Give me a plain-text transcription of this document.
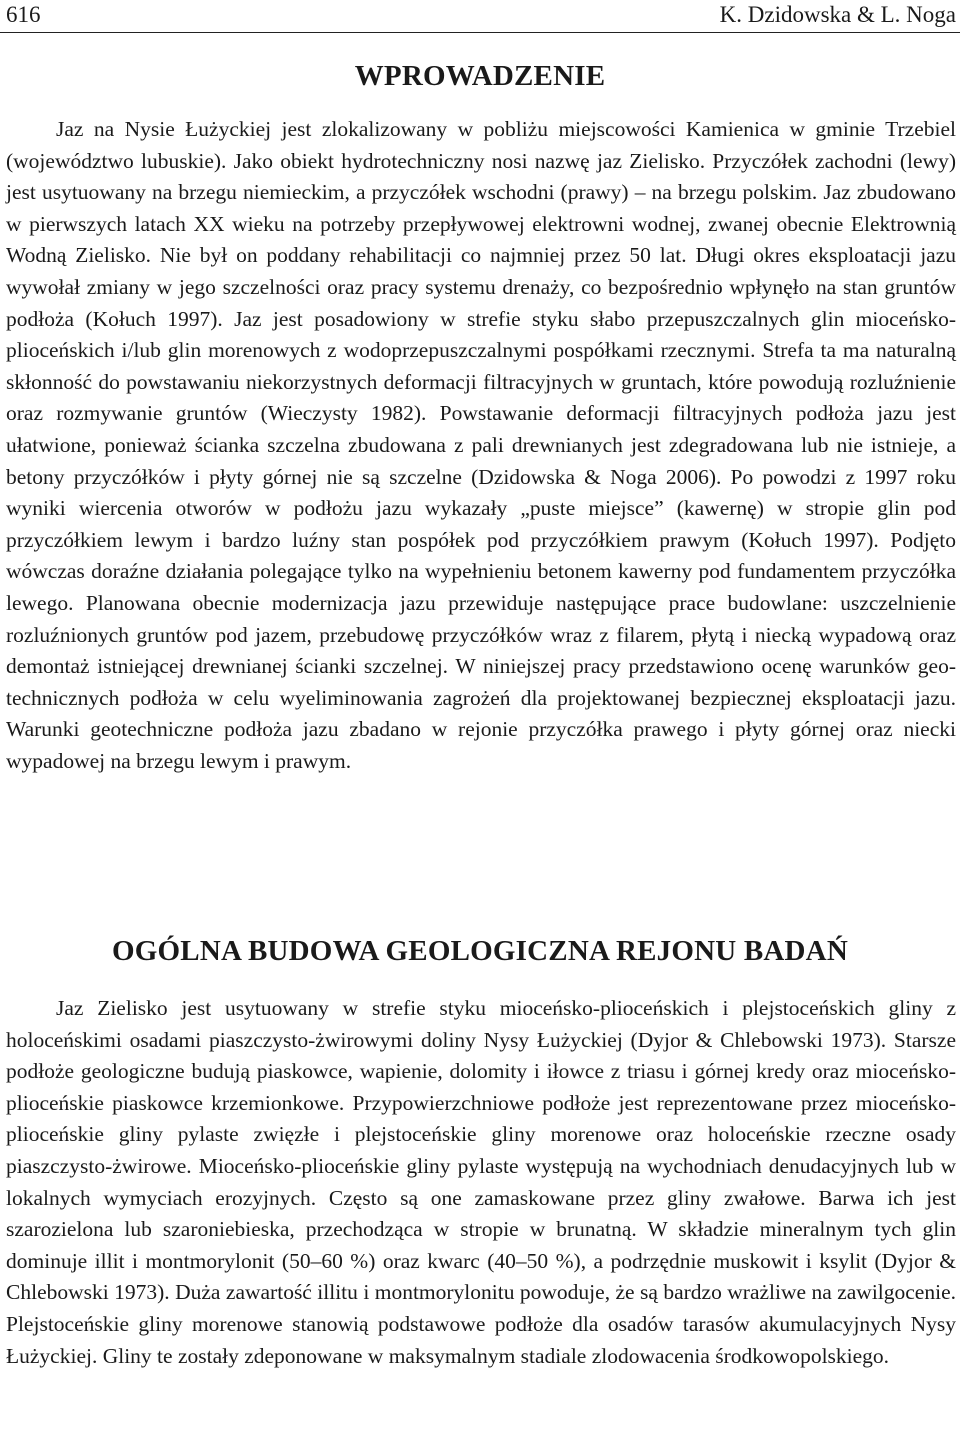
616	K. Dzidowska & L. Noga
WPROWADZENIE

Jaz na Nysie Łużyckiej jest zlokalizowany w pobliżu miejscowości Kamienica w gminie Trzebiel (województwo lubuskie). Jako obiekt hydrotechniczny nosi nazwę jaz Zielisko. Przyczółek zachodni (lewy) jest usytuowany na brzegu niemieckim, a przyczółek wschodni (prawy) – na brzegu polskim. Jaz zbudowano w pierwszych latach XX wieku na potrzeby przepływowej elektrowni wodnej, zwanej obecnie Elektrownią Wodną Zielisko. Nie był on poddany rehabilitacji co najmniej przez 50 lat. Długi okres eksploatacji jazu wywołał zmiany w jego szczelności oraz pracy systemu drenaży, co bezpośrednio wpłynęło na stan gruntów podłoża (Kołuch 1997). Jaz jest posadowiony w strefie styku słabo przepuszczalnych glin mioceńsko-plioceńskich i/lub glin morenowych z wodoprzepuszczalnymi pospółkami rzecznymi. Strefa ta ma naturalną skłonność do powstawaniu niekorzystnych deformacji filtracyjnych w gruntach, które powodują rozluźnienie oraz rozmywanie gruntów (Wieczysty 1982). Powstawanie deformacji filtracyjnych podłoża jazu jest ułatwione, ponieważ ścianka szczelna zbudowana z pali drewnianych jest zdegradowana lub nie istnieje, a betony przyczółków i płyty górnej nie są szczelne (Dzidowska & Noga 2006). Po powodzi z 1997 roku wyniki wiercenia otworów w podłożu jazu wykazały „puste miejsce” (kawernę) w stropie glin pod przyczółkiem lewym i bardzo luźny stan pospółek pod przyczółkiem prawym (Kołuch 1997). Podjęto wówczas doraźne działania polegające tylko na wypełnieniu betonem kawerny pod fundamentem przyczółka lewego. Planowana obecnie modernizacja jazu przewiduje następujące prace budowlane: uszczelnienie rozluźnionych gruntów pod jazem, przebudowę przyczółków wraz z filarem, płytą i niecką wypadową oraz demontaż istniejącej drewnianej ścianki szczelnej. W niniejszej pracy przedstawiono ocenę warunków geotechnicznych podłoża w celu wyeliminowania zagrożeń dla projektowanej bezpiecznej eksploatacji jazu. Warunki geotechniczne podłoża jazu zbadano w rejonie przyczółka prawego i płyty górnej oraz niecki wypadowej na brzegu lewym i prawym.

OGÓLNA BUDOWA GEOLOGICZNA REJONU BADAŃ

Jaz Zielisko jest usytuowany w strefie styku mioceńsko-plioceńskich i plejstoceńskich gliny z holoceńskimi osadami piaszczysto-żwirowymi doliny Nysy Łużyckiej (Dyjor & Chlebowski 1973). Starsze podłoże geologiczne budują piaskowce, wapienie, dolomity i iłowce z triasu i górnej kredy oraz mioceńsko-plioceńskie piaskowce krzemionkowe. Przypowierzchniowe podłoże jest reprezentowane przez mioceńsko-plioceńskie gliny pylaste zwięzłe i plejstoceńskie gliny morenowe oraz holoceńskie rzeczne osady piaszczysto-żwirowe. Mioceńsko-plioceńskie gliny pylaste występują na wychodniach denudacyjnych lub w lokalnych wymyciach erozyjnych. Często są one zamaskowane przez gliny zwałowe. Barwa ich jest szarozielona lub szaroniebieska, przechodząca w stropie w brunatną. W składzie mineralnym tych glin dominuje illit i montmorylonit (50–60 %) oraz kwarc (40–50 %), a podrzędnie muskowit i ksylit (Dyjor & Chlebowski 1973). Duża zawartość illitu i montmorylonitu powoduje, że są bardzo wrażliwe na zawilgocenie. Plejstoceńskie gliny morenowe stanowią podstawowe podłoże dla osadów tarasów akumulacyjnych Nysy Łużyckiej. Gliny te zostały zdeponowane w maksymalnym stadiale zlodowacenia środkowopolskiego.
